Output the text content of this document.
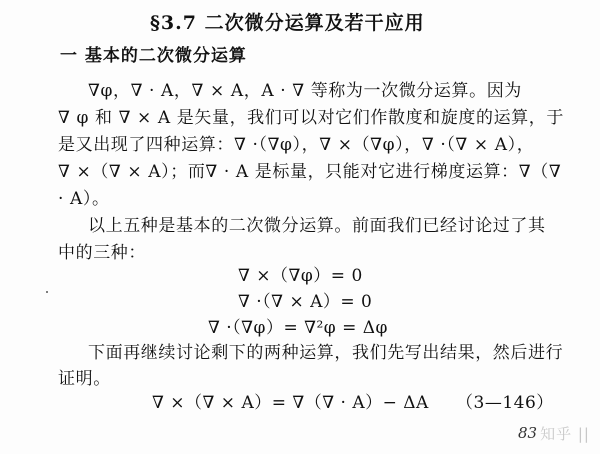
§3.7 二次微分运算及若干应用
一 基本的二次微分运算
∇φ，∇ · A，∇ × A，A · ∇ 等称为一次微分运算。因为
∇ φ 和 ∇ × A 是矢量，我们可以对它们作散度和旋度的运算，于
是又出现了四种运算：∇ ·（∇φ），∇ ×（∇φ），∇ ·（∇ × A），
∇ ×（∇ × A）；而∇ · A 是标量，只能对它进行梯度运算：∇（∇
· A）。
以上五种是基本的二次微分运算。前面我们已经讨论过了其
中的三种：
∇ ×（∇φ）= 0
∇ ·（∇ × A）= 0
∇ ·（∇φ）= ∇²φ = Δφ
下面再继续讨论剩下的两种运算，我们先写出结果，然后进行
证明。
∇ ×（∇ × A）= ∇（∇ · A）− ΔA （3—146）
83 知乎 ||
